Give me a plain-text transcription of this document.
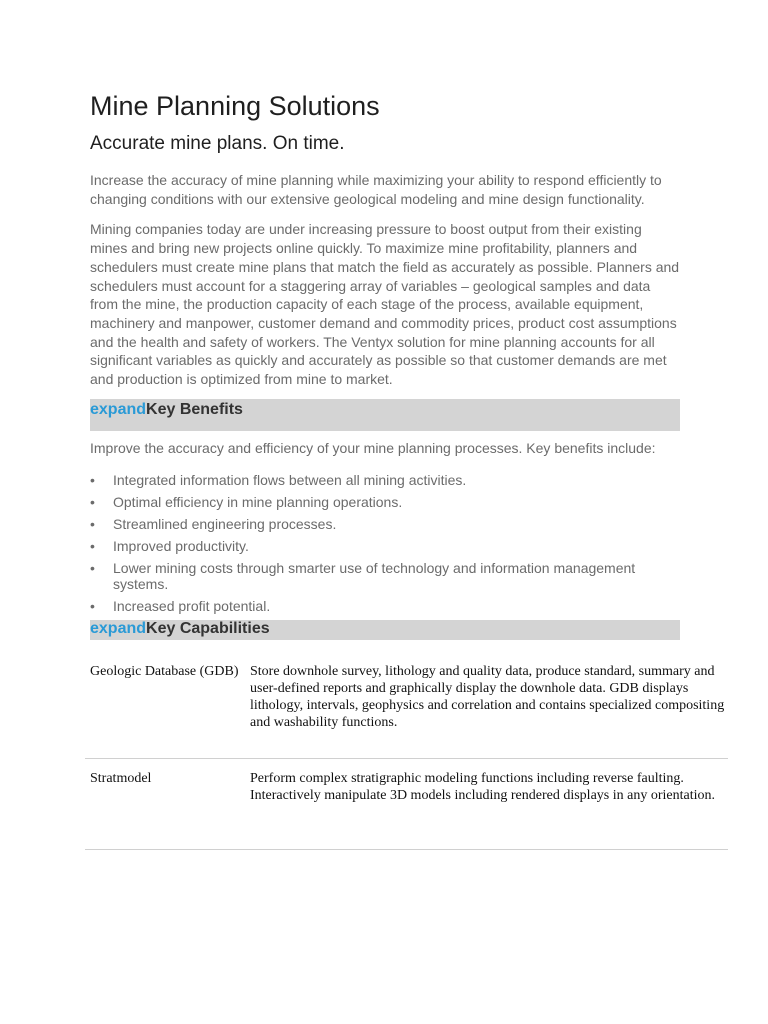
Mine Planning Solutions
Accurate mine plans. On time.

Increase the accuracy of mine planning while maximizing your ability to respond efficiently to changing conditions with our extensive geological modeling and mine design functionality.

Mining companies today are under increasing pressure to boost output from their existing mines and bring new projects online quickly. To maximize mine profitability, planners and schedulers must create mine plans that match the field as accurately as possible. Planners and schedulers must account for a staggering array of variables – geological samples and data from the mine, the production capacity of each stage of the process, available equipment, machinery and manpower, customer demand and commodity prices, product cost assumptions and the health and safety of workers. The Ventyx solution for mine planning accounts for all significant variables as quickly and accurately as possible so that customer demands are met and production is optimized from mine to market.

expandKey Benefits

Improve the accuracy and efficiency of your mine planning processes. Key benefits include:

• Integrated information flows between all mining activities.
• Optimal efficiency in mine planning operations.
• Streamlined engineering processes.
• Improved productivity.
• Lower mining costs through smarter use of technology and information management systems.
• Increased profit potential.
expandKey Capabilities
Geologic Database (GDB) Store downhole survey, lithology and quality data, produce standard, summary and user-defined reports and graphically display the downhole data. GDB displays lithology, intervals, geophysics and correlation and contains specialized compositing and washability functions.
Stratmodel	Perform complex stratigraphic modeling functions including reverse faulting. Interactively manipulate 3D models including rendered displays in any orientation.
